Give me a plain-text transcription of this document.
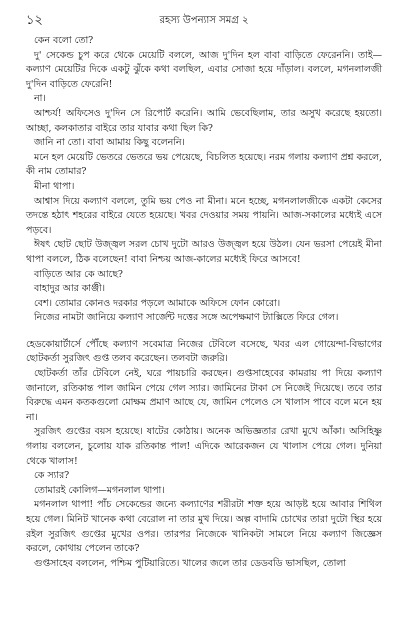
১২	রহস্য উপন্যাস সমগ্র ২

কেন বলো তো?

দু' সেকেন্ড চুপ করে থেকে মেয়েটি বললে, আজ দু'দিন হল বাবা বাড়িতে ফেরেননি। তাই— কল্যাণ মেয়েটির দিকে একটু ঝুঁকে কথা বলছিল, এবার সোজা হয়ে দাঁড়াল। বললে, মগনলালজী দু'দিন বাড়িতে ফেরেনি!

না।

আশ্চর্য! অফিসেও দু'দিন সে রিপোর্ট করেনি। আমি ভেবেছিলাম, তার অসুখ করেছে হয়তো। আচ্ছা, কলকাতার বাইরে তার যাবার কথা ছিল কি?

জানি না তো। বাবা আমায় কিছু বলেননি।

মনে হল মেয়েটি ভেতরে ভেতরে ভয় পেয়েছে, বিচলিত হয়েছে। নরম গলায় কল্যাণ প্রশ্ন করলে, কী নাম তোমার?

মীনা থাপা।

আশ্বাস দিয়ে কল্যাণ বললে, তুমি ভয় পেও না মীনা। মনে হচ্ছে, মগনলালজীকে একটা কেসের তদন্তে হঠাৎ শহরের বাইরে যেতে হয়েছে। খবর দেওয়ার সময় পায়নি। আজ-সকালের মধ্যেই এসে পড়বে।

ঈষৎ ছোট ছোট উজ্জ্বল সরল চোখ দুটো আরও উজ্জ্বল হয়ে উঠল। যেন ভরসা পেয়েই মীনা থাপা বললে, ঠিক বলেছেন! বাবা নিশ্চয় আজ-কালের মধ্যেই ফিরে আসবে!

বাড়িতে আর কে আছে?

বাহাদুর আর কাঞ্জী।

বেশ। তোমার কোনও দরকার পড়লে আমাকে অফিসে ফোন কোরো।

নিজের নামটা জানিয়ে কল্যাণ সার্জেন্ট দত্তের সঙ্গে অপেক্ষমাণ ট্যাক্সিতে ফিরে গেল।

হেডকোয়ার্টার্সে পৌঁছে কল্যাণ সবেমাত্র নিজের টেবিলে বসেছে, খবর এল গোয়েন্দা-বিভাগের ছোটকর্তা সুরজিৎ গুপ্ত তলব করেছেন। তলবটা জরুরি।

ছোটকর্তা তাঁর টেবিলে নেই, ঘরে পায়চারি করছেন। গুপ্তসাহেবের কামরায় পা দিয়ে কল্যাণ জানালে, রতিকান্ত পাল জামিন পেয়ে গেল স্যার। জামিনের টাকা সে নিজেই দিয়েছে। তবে তার বিরুদ্ধে এমন কতকগুলো মোক্ষম প্রমাণ আছে যে, জামিন পেলেও সে খালাস পাবে বলে মনে হয় না।

সুরজিৎ গুপ্তের বয়স হয়েছে। ষাটের কোঠায়। অনেক অভিজ্ঞতার রেখা মুখে আঁকা। অসিহিষ্ণু গলায় বললেন, চুলোয় যাক রতিকান্ত পাল! এদিকে আরেকজন যে খালাস পেয়ে গেল। দুনিয়া থেকে খালাস!

কে স্যার?

তোমারই কোলিগ—মগনলাল থাপা।

মগনলাল থাপা! পাঁচ সেকেন্ডের জন্যে কল্যাণের শরীরটা শক্ত হয়ে আড়ষ্ট হয়ে আবার শিথিল হয়ে গেল। মিনিট খানেক কথা বেরোল না তার মুখ দিয়ে। অল্প বাদামি চোখের তারা দুটো স্থির হয়ে রইল সুরজিৎ গুপ্তের মুখের ওপর। তারপর নিজেকে খানিকটা সামলে নিয়ে কল্যাণ জিজ্ঞেস করলে, কোথায় পেলেন তাকে?

গুপ্তসাহেব বললেন, পশ্চিম পুটিয়ারিতে। খালের জলে তার ডেডবডি ভাসছিল, তোলা
